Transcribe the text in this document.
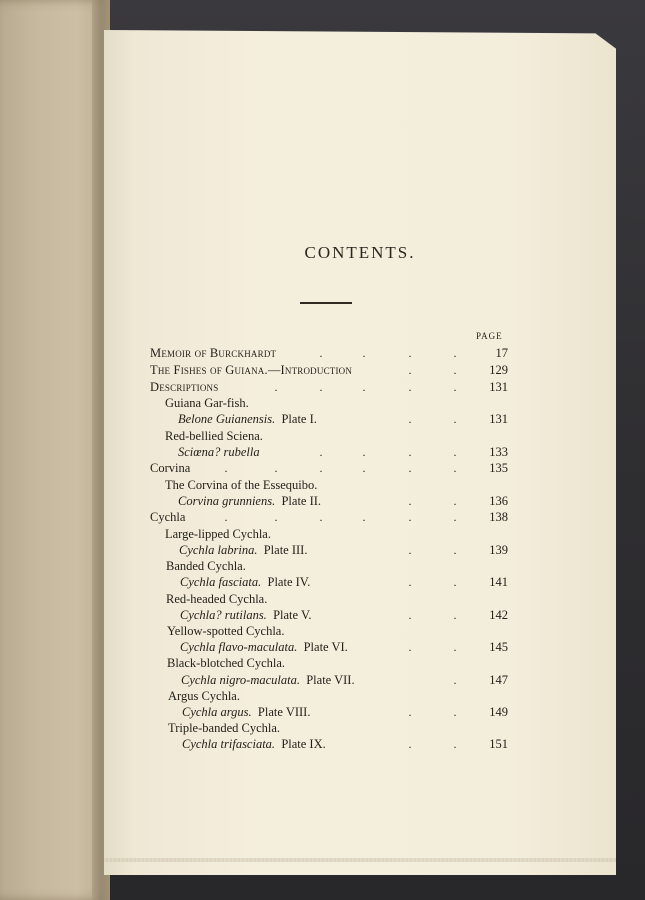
CONTENTS.
PAGE
Memoir of Burckhardt	.	.	.	.	17
The Fishes of Guiana.—Introduction	.	.	129
Descriptions	.	.	.	.	.	131
Guiana Gar-fish.
Belone Guianensis.  Plate I.	.	.	131
Red-bellied Sciena.
Sciœna? rubella	.	.	.	.	133
Corvina	.	.	.	.	.	.	135
The Corvina of the Essequibo.
Corvina grunniens.  Plate II.	.	.	136
Cychla	.	.	.	.	.	.	138
Large-lipped Cychla.
Cychla labrina.  Plate III.	.	.	139
Banded Cychla.
Cychla fasciata.  Plate IV.	.	.	141
Red-headed Cychla.
Cychla? rutilans.  Plate V.	.	.	142
Yellow-spotted Cychla.
Cychla flavo-maculata.  Plate VI.	.	.	145
Black-blotched Cychla.
Cychla nigro-maculata.  Plate VII.	.	147
Argus Cychla.
Cychla argus.  Plate VIII.	.	.	149
Triple-banded Cychla.
Cychla trifasciata.  Plate IX.	.	.	151
